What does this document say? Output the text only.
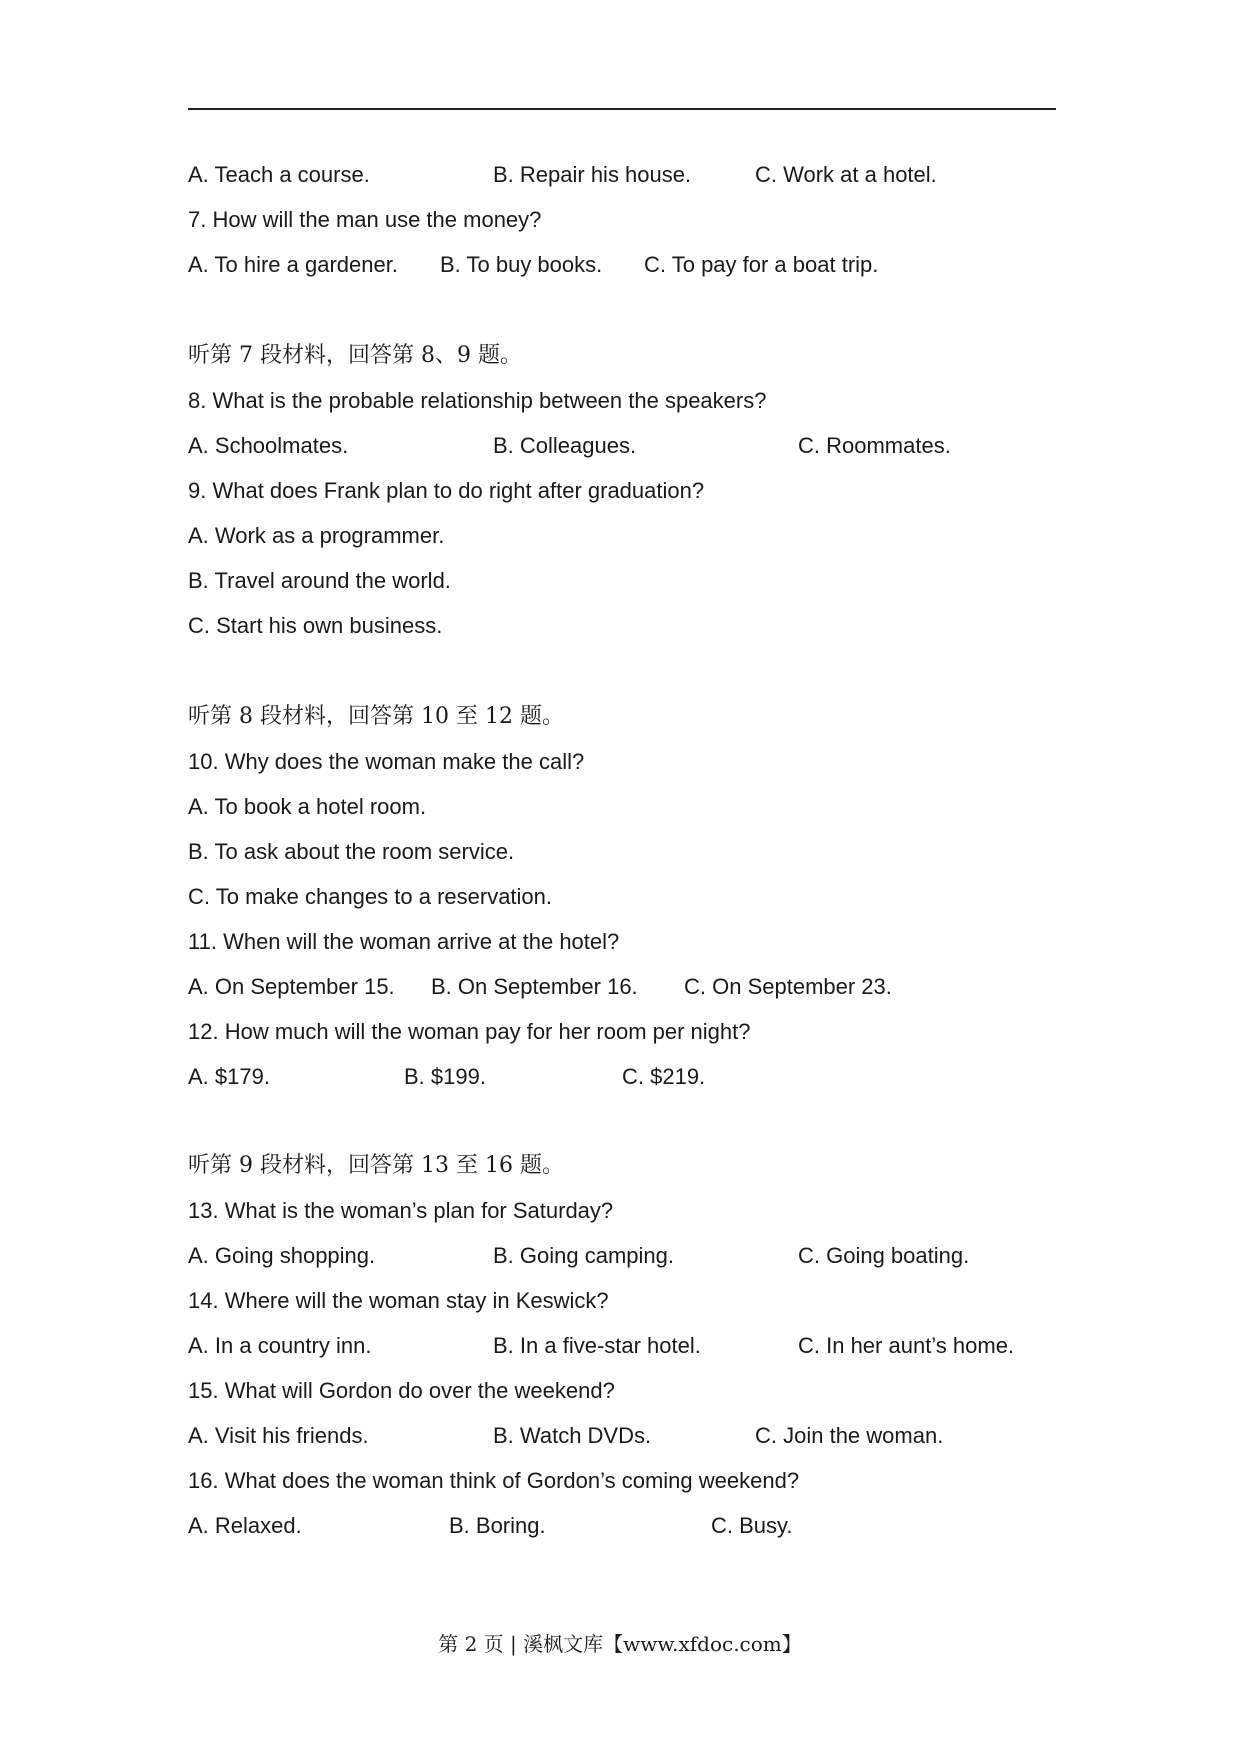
A. Teach a course.	B. Repair his house.	C. Work at a hotel.
7. How will the man use the money?
A. To hire a gardener. B. To buy books. C. To pay for a boat trip.
听第 7 段材料，回答第 8、9 题。
8. What is the probable relationship between the speakers?
A. Schoolmates.	B. Colleagues.	C. Roommates.
9. What does Frank plan to do right after graduation?
A. Work as a programmer.
B. Travel around the world.
C. Start his own business.
听第 8 段材料，回答第 10 至 12 题。
10. Why does the woman make the call?
A. To book a hotel room.
B. To ask about the room service.
C. To make changes to a reservation.
11. When will the woman arrive at the hotel?
A. On September 15. B. On September 16. C. On September 23.
12. How much will the woman pay for her room per night?
A. $179.	B. $199.	C. $219.
听第 9 段材料，回答第 13 至 16 题。
13. What is the woman’s plan for Saturday?
A. Going shopping.	B. Going camping.	C. Going boating.
14. Where will the woman stay in Keswick?
A. In a country inn.	B. In a five-star hotel.	C. In her aunt’s home.
15. What will Gordon do over the weekend?
A. Visit his friends.	B. Watch DVDs.	C. Join the woman.
16. What does the woman think of Gordon’s coming weekend?
A. Relaxed.	B. Boring.	C. Busy.
第 2 页 | 溪枫文库【www.xfdoc.com】
